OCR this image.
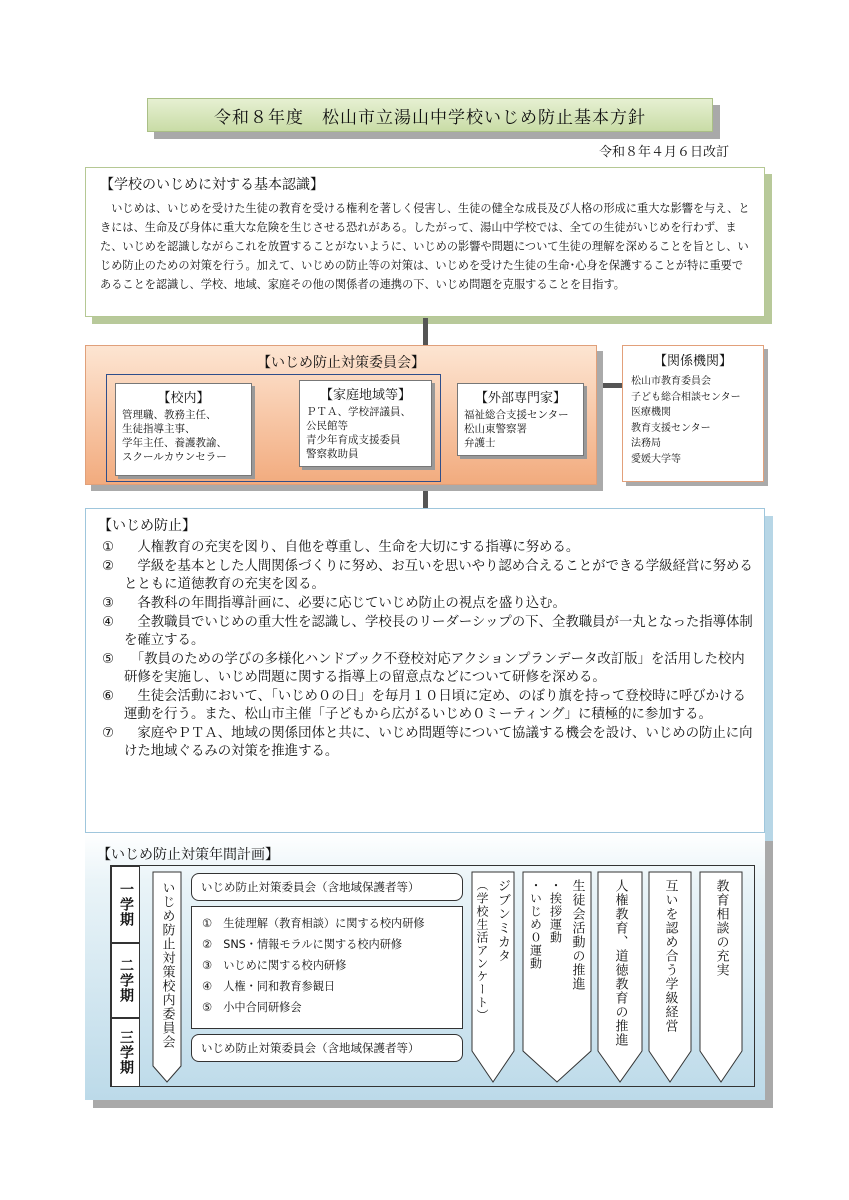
令和８年度　松山市立湯山中学校いじめ防止基本方針
令和８年４月６日改訂
【学校のいじめに対する基本認識】

いじめは、いじめを受けた生徒の教育を受ける権利を著しく侵害し、生徒の健全な成長及び人格の形成に重大な影響を与え、ときには、生命及び身体に重大な危険を生じさせる恐れがある。したがって、湯山中学校では、全ての生徒がいじめを行わず、また、いじめを認識しながらこれを放置することがないように、いじめの影響や問題について生徒の理解を深めることを旨とし、いじめ防止のための対策を行う。加えて、いじめの防止等の対策は、いじめを受けた生徒の生命･心身を保護することが特に重要であることを認識し、学校、地域、家庭その他の関係者の連携の下、いじめ問題を克服することを目指す。

【いじめ防止対策委員会】
【校内】
管理職、教務主任、
生徒指導主事、
学年主任、養護教諭、
スクールカウンセラー
【家庭地域等】
ＰＴＡ、学校評議員、
公民館等
青少年育成支援委員
警察救助員
【外部専門家】
福祉総合支援センター
松山東警察署
弁護士
【関係機関】
松山市教育委員会
子ども総合相談センター
医療機関
教育支援センター
法務局
愛媛大学等
【いじめ防止】
① 　人権教育の充実を図り、自他を尊重し、生命を大切にする指導に努める。
② 　学級を基本とした人間関係づくりに努め、お互いを思いやり認め合えることができる学級経営に努めるとともに道徳教育の充実を図る。
③ 　各教科の年間指導計画に、必要に応じていじめ防止の視点を盛り込む。
④ 　全教職員でいじめの重大性を認識し、学校長のリーダーシップの下、全教職員が一丸となった指導体制を確立する。
⑤ 　「教員のための学びの多様化ハンドブック不登校対応アクションプランデータ改訂版」を活用した校内研修を実施し、いじめ問題に関する指導上の留意点などについて研修を深める。
⑥ 　生徒会活動において、「いじめ０の日」を毎月１０日頃に定め、のぼり旗を持って登校時に呼びかける運動を行う。また、松山市主催「子どもから広がるいじめ０ミーティング」に積極的に参加する。
⑦ 　家庭やＰＴＡ、地域の関係団体と共に、いじめ問題等について協議する機会を設け、いじめの防止に向けた地域ぐるみの対策を推進する。
【いじめ防止対策年間計画】
一学期
二学期
三学期
いじめ防止対策校内委員会 いじめ防止対策委員会（含地域保護者等）
①　生徒理解（教育相談）に関する校内研修
②　SNS・情報モラルに関する校内研修
③　いじめに関する校内研修
④　人権・同和教育参観日
⑤　小中合同研修会
いじめ防止対策委員会（含地域保護者等）
ジブンミカタ
（学校生活アンケート）	生徒会活動の推進
・挨拶運動
・いじめ０運動	人権教育、道徳教育の推進	互いを認め合う学級経営	教育相談の充実
